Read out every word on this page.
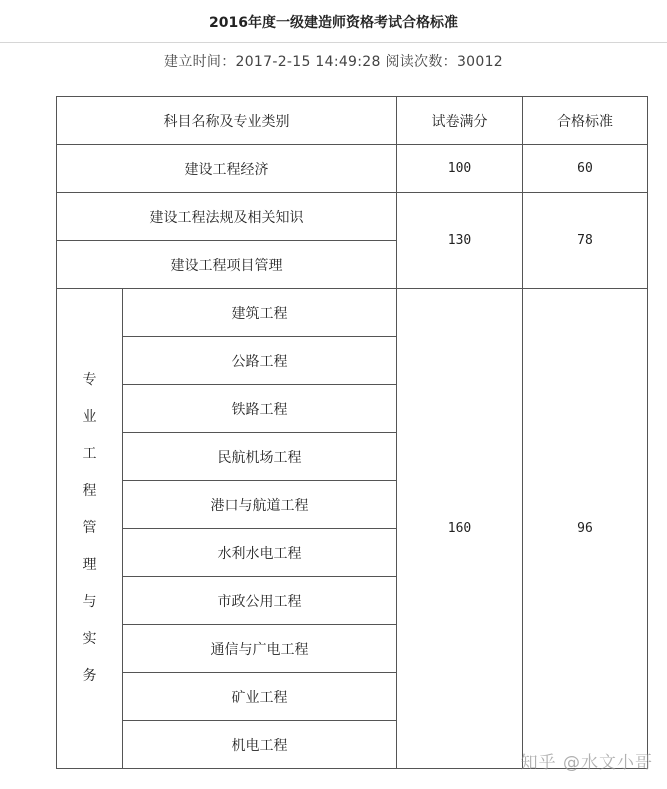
2016年度一级建造师资格考试合格标准
建立时间：2017-2-15 14:49:28 阅读次数：30012
科目名称及专业类别		试卷满分	合格标准
建设工程经济		100	60
建设工程法规及相关知识		130	78
建设工程项目管理			
专业工程管理与实务	建筑工程	160	96
	公路工程		
	铁路工程		
	民航机场工程		
	港口与航道工程		
	水利水电工程		
	市政公用工程		
	通信与广电工程		
	矿业工程		
	机电工程		
知乎 @水文小哥
